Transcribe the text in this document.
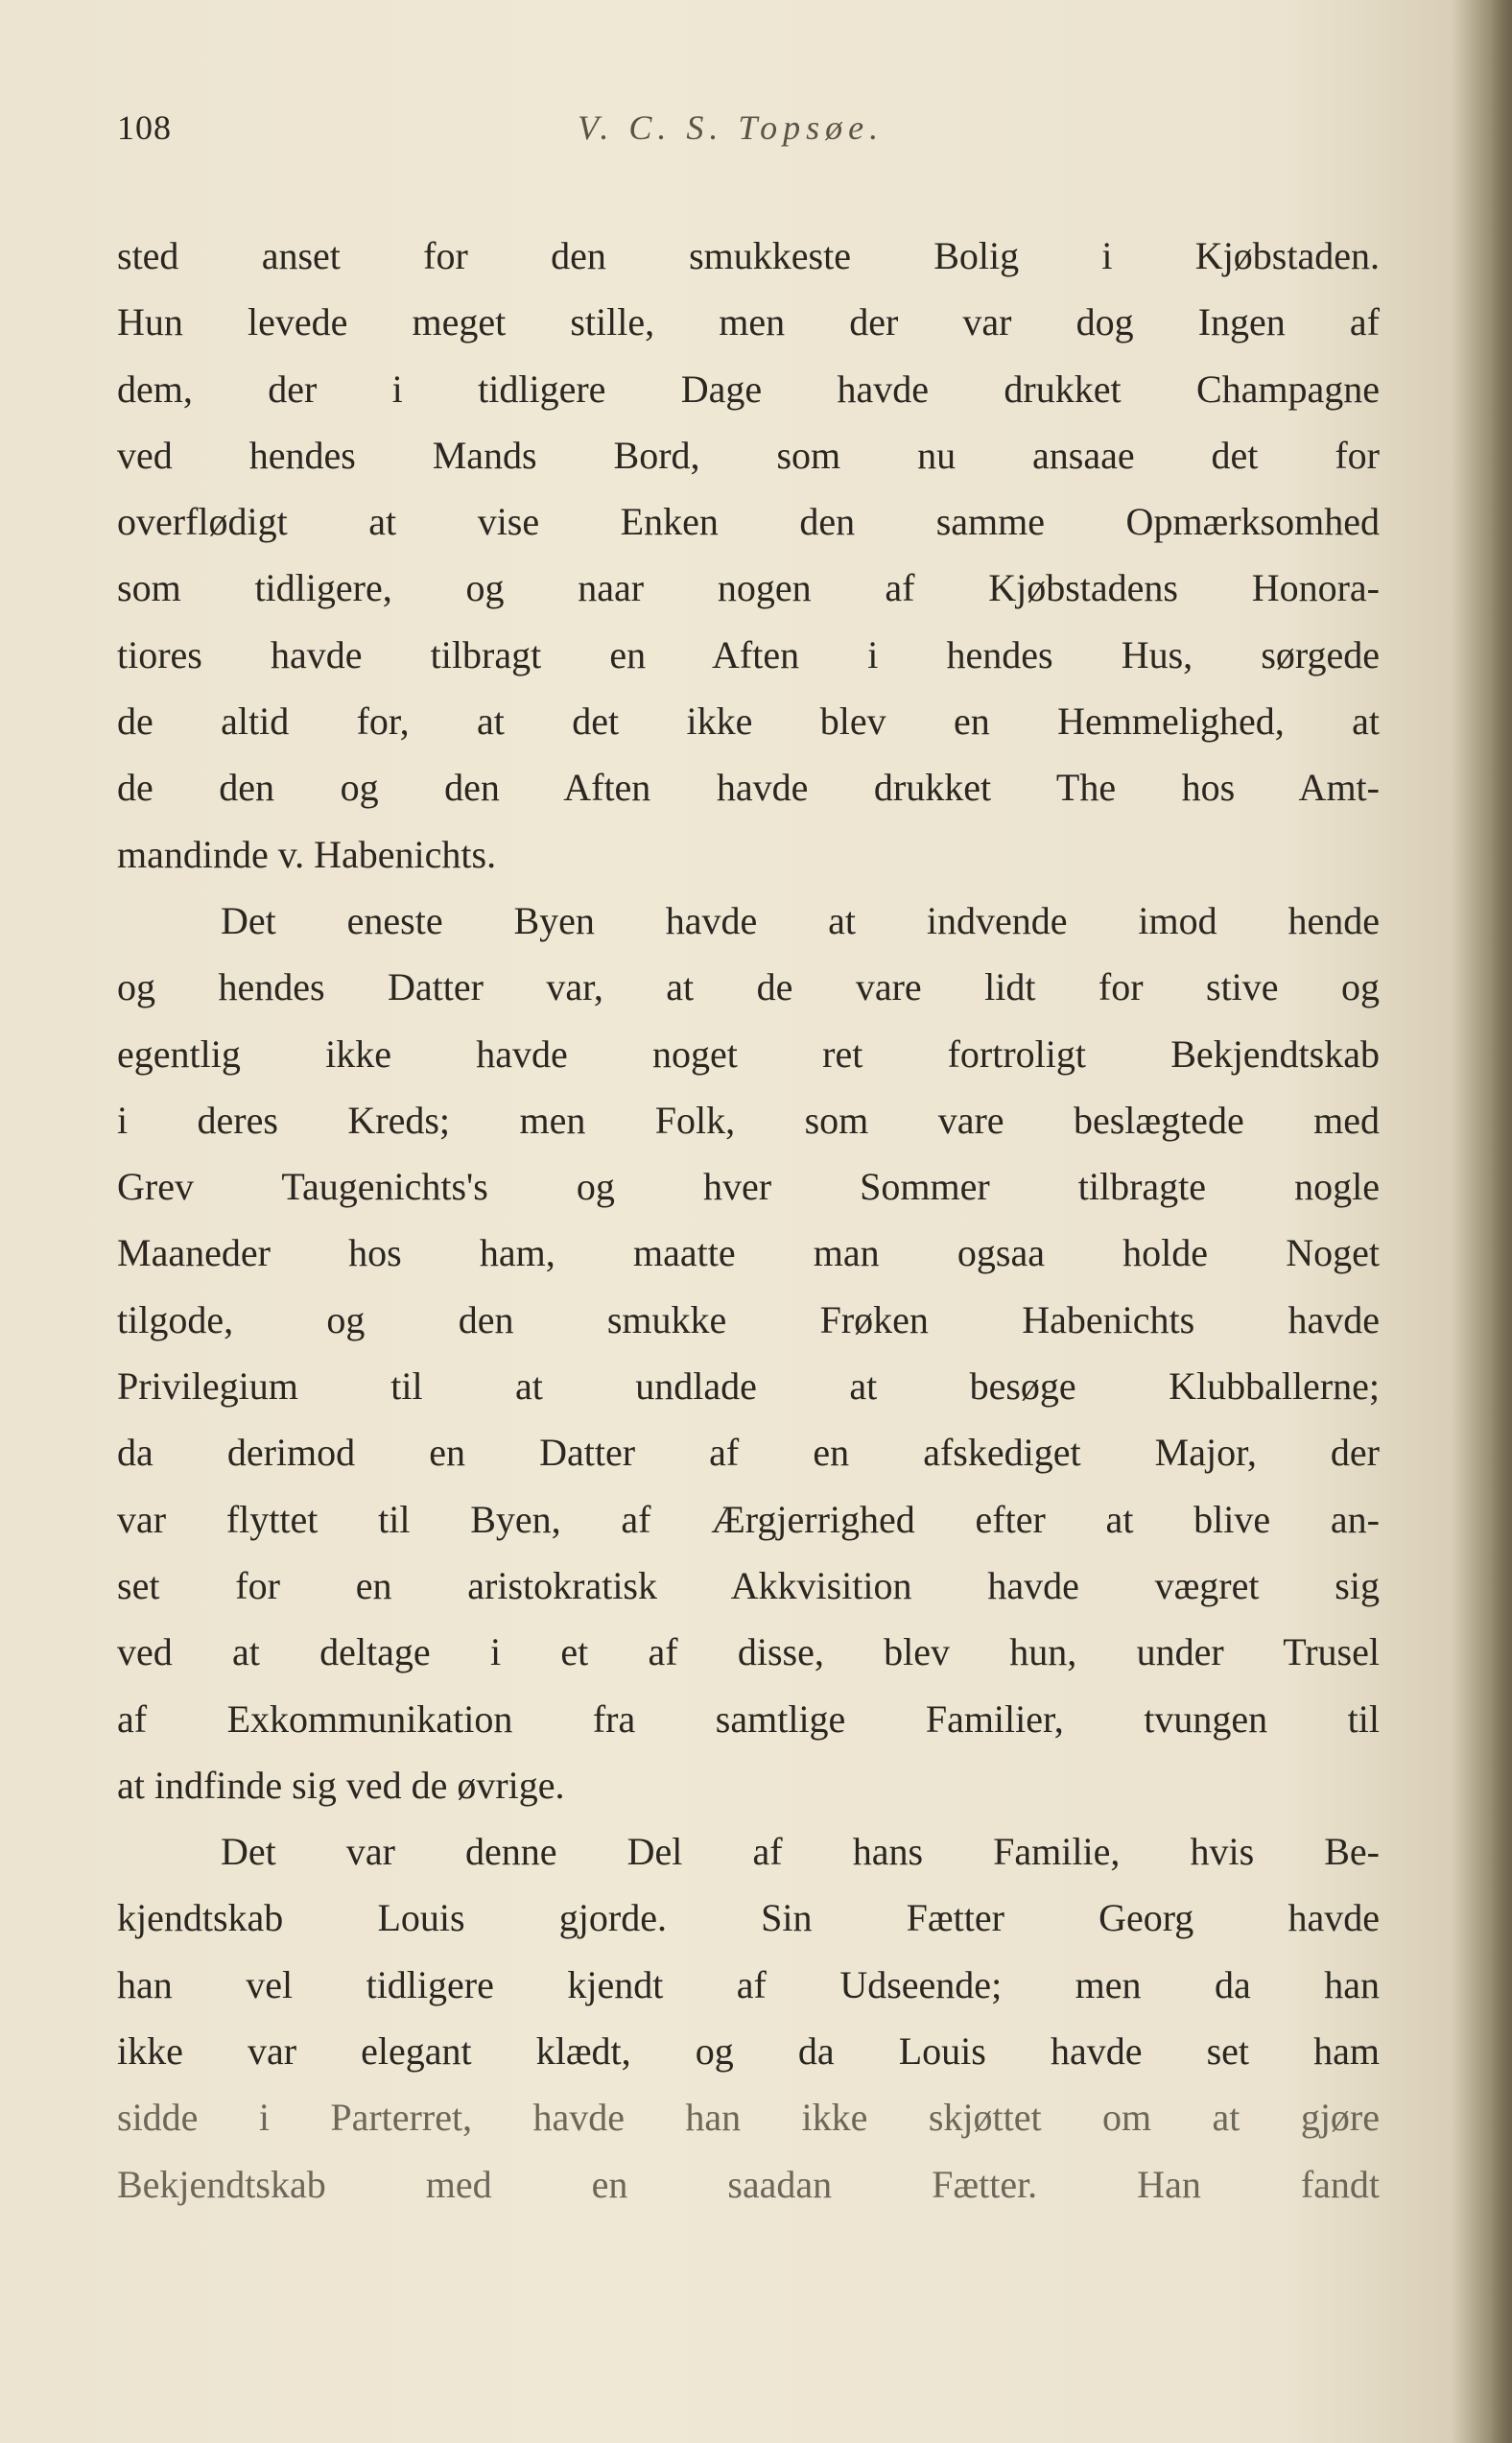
108	V. C. S. Topsøe.
sted anset for den smukkeste Bolig i Kjøbstaden.
Hun levede meget stille, men der var dog Ingen af
dem, der i tidligere Dage havde drukket Champagne
ved hendes Mands Bord, som nu ansaae det for
overflødigt at vise Enken den samme Opmærksomhed
som tidligere, og naar nogen af Kjøbstadens Honora-
tiores havde tilbragt en Aften i hendes Hus, sørgede
de altid for, at det ikke blev en Hemmelighed, at
de den og den Aften havde drukket The hos Amt-
mandinde v. Habenichts.
Det eneste Byen havde at indvende imod hende
og hendes Datter var, at de vare lidt for stive og
egentlig ikke havde noget ret fortroligt Bekjendtskab
i deres Kreds; men Folk, som vare beslægtede med
Grev Taugenichts's og hver Sommer tilbragte nogle
Maaneder hos ham, maatte man ogsaa holde Noget
tilgode, og den smukke Frøken Habenichts havde
Privilegium til at undlade at besøge Klubballerne;
da derimod en Datter af en afskediget Major, der
var flyttet til Byen, af Ærgjerrighed efter at blive an-
set for en aristokratisk Akkvisition havde vægret sig
ved at deltage i et af disse, blev hun, under Trusel
af Exkommunikation fra samtlige Familier, tvungen til
at indfinde sig ved de øvrige.
Det var denne Del af hans Familie, hvis Be-
kjendtskab Louis gjorde. Sin Fætter Georg havde
han vel tidligere kjendt af Udseende; men da han
ikke var elegant klædt, og da Louis havde set ham
sidde i Parterret, havde han ikke skjøttet om at gjøre
Bekjendtskab med en saadan Fætter. Han fandt
